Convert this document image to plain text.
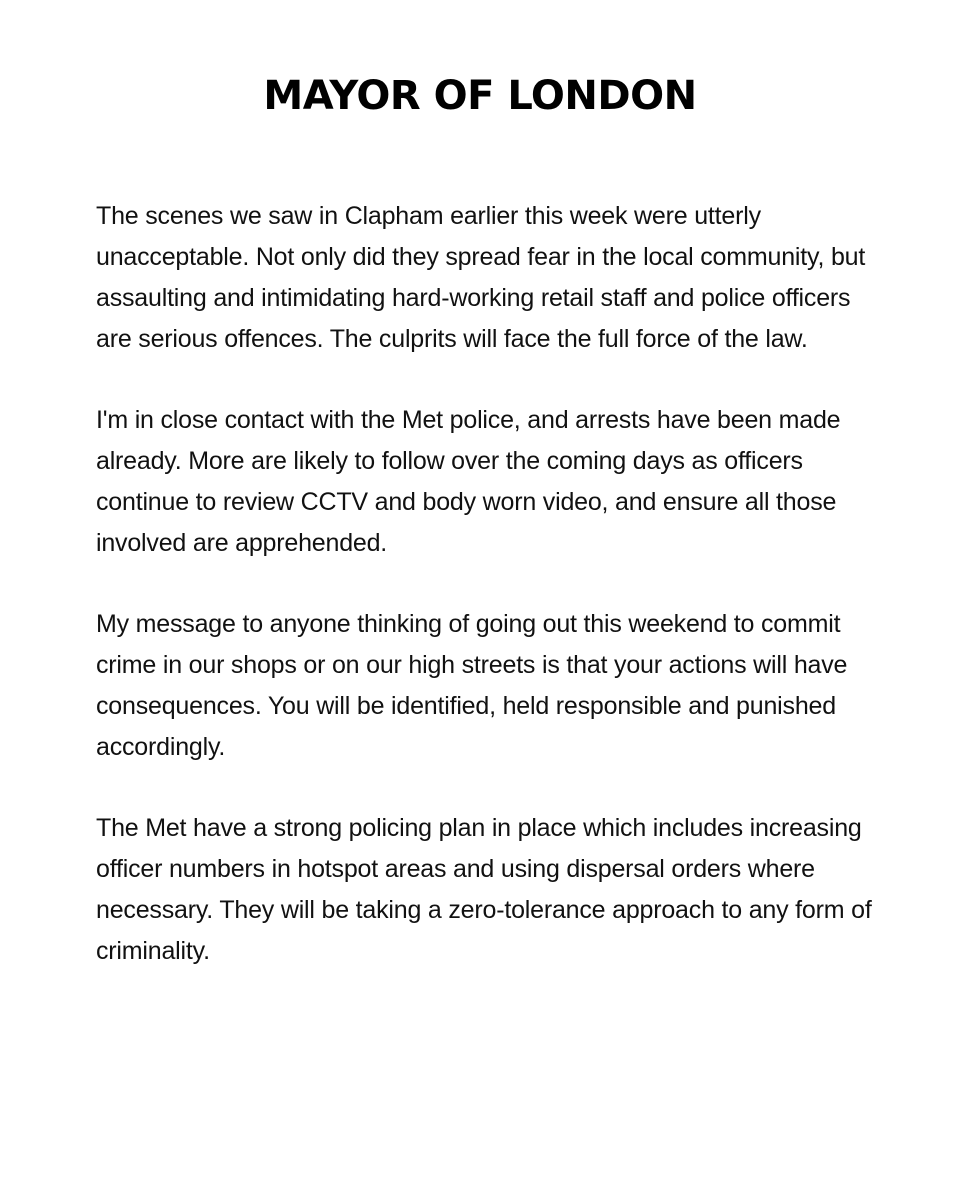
MAYOR OF LONDON

The scenes we saw in Clapham earlier this week were utterly unacceptable. Not only did they spread fear in the local community, but assaulting and intimidating hard-working retail staff and police officers are serious offences. The culprits will face the full force of the law.

I'm in close contact with the Met police, and arrests have been made already. More are likely to follow over the coming days as officers continue to review CCTV and body worn video, and ensure all those involved are apprehended.

My message to anyone thinking of going out this weekend to commit crime in our shops or on our high streets is that your actions will have consequences. You will be identified, held responsible and punished accordingly.

The Met have a strong policing plan in place which includes increasing officer numbers in hotspot areas and using dispersal orders where necessary. They will be taking a zero-tolerance approach to any form of criminality.
